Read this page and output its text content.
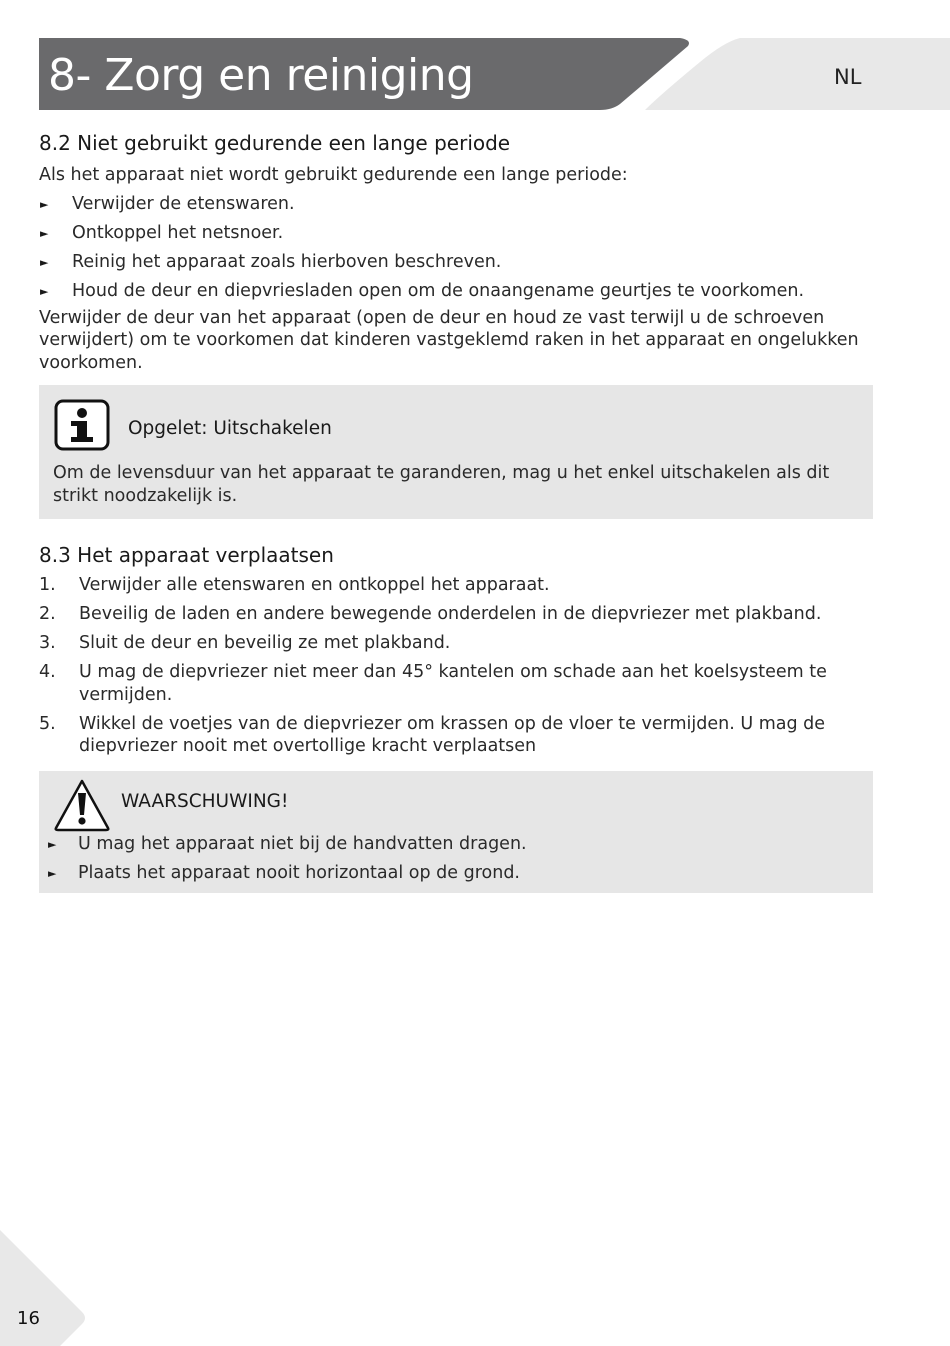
8- Zorg en reiniging	NL
8.2 Niet gebruikt gedurende een lange periode

Als het apparaat niet wordt gebruikt gedurende een lange periode:

► Verwijder de etenswaren.
► Ontkoppel het netsnoer.
► Reinig het apparaat zoals hierboven beschreven.
► Houd de deur en diepvriesladen open om de onaangename geurtjes te voorkomen.

Verwijder de deur van het apparaat (open de deur en houd ze vast terwijl u de schroeven verwijdert) om te voorkomen dat kinderen vastgeklemd raken in het apparaat en ongelukken voorkomen.

Opgelet: Uitschakelen

Om de levensduur van het apparaat te garanderen, mag u het enkel uitschakelen als dit strikt noodzakelijk is.

8.3 Het apparaat verplaatsen
1. Verwijder alle etenswaren en ontkoppel het apparaat.
2. Beveilig de laden en andere bewegende onderdelen in de diepvriezer met plakband.
3. Sluit de deur en beveilig ze met plakband.
4. U mag de diepvriezer niet meer dan 45° kantelen om schade aan het koelsysteem te vermijden.
5. Wikkel de voetjes van de diepvriezer om krassen op de vloer te vermijden. U mag de diepvriezer nooit met overtollige kracht verplaatsen
WAARSCHUWING!
► U mag het apparaat niet bij de handvatten dragen.
► Plaats het apparaat nooit horizontaal op de grond.
16
